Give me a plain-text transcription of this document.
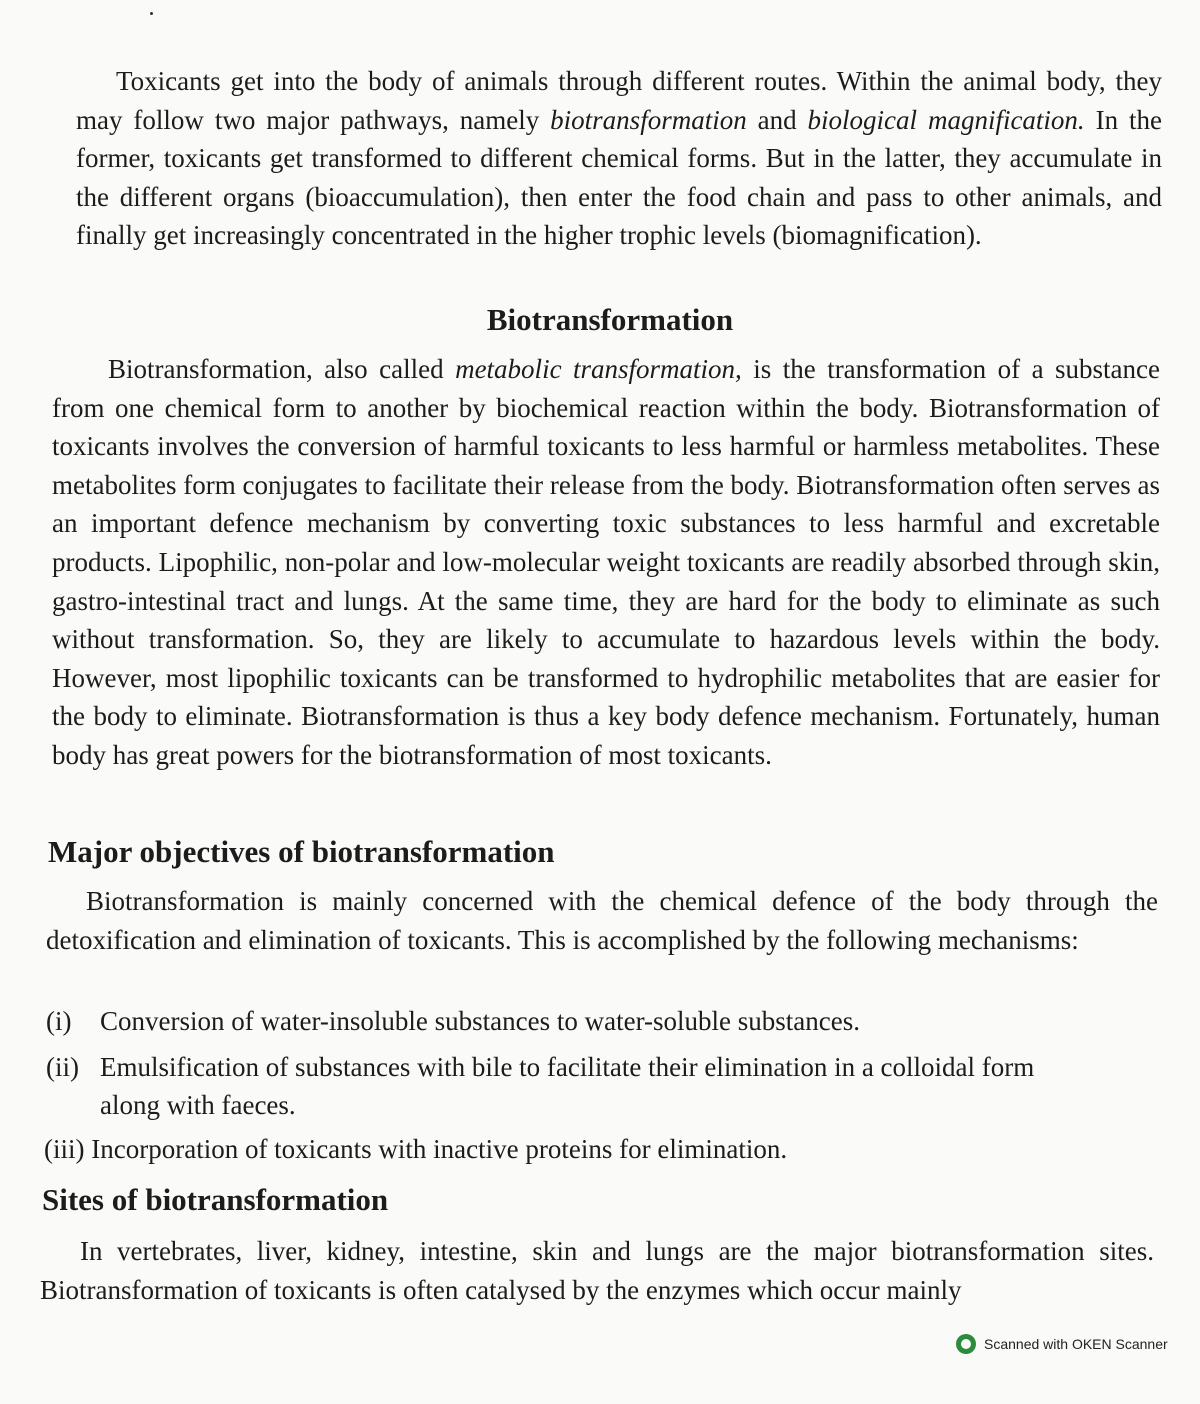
Toxicants get into the body of animals through different routes. Within the animal body, they may follow two major pathways, namely biotransformation and biological magnification. In the former, toxicants get transformed to different chemical forms. But in the latter, they accumulate in the different organs (bioaccumulation), then enter the food chain and pass to other animals, and finally get increasingly concentrated in the higher trophic levels (biomagnification).

Biotransformation

Biotransformation, also called metabolic transformation, is the transformation of a substance from one chemical form to another by biochemical reaction within the body. Biotransformation of toxicants involves the conversion of harmful toxicants to less harmful or harmless metabolites. These metabolites form conjugates to facilitate their release from the body. Biotransformation often serves as an important defence mechanism by converting toxic substances to less harmful and excretable products. Lipophilic, non-polar and low-molecular weight toxicants are readily absorbed through skin, gastro-intestinal tract and lungs. At the same time, they are hard for the body to eliminate as such without transformation. So, they are likely to accumulate to hazardous levels within the body. However, most lipophilic toxicants can be transformed to hydrophilic metabolites that are easier for the body to eliminate. Biotransformation is thus a key body defence mechanism. Fortunately, human body has great powers for the biotransformation of most toxicants.

Major objectives of biotransformation

Biotransformation is mainly concerned with the chemical defence of the body through the detoxification and elimination of toxicants. This is accomplished by the following mechanisms:

(i) Conversion of water-insoluble substances to water-soluble substances.
(ii) Emulsification of substances with bile to facilitate their elimination in a colloidal form
along with faeces.
(iii) Incorporation of toxicants with inactive proteins for elimination.
Sites of biotransformation

In vertebrates, liver, kidney, intestine, skin and lungs are the major biotransformation sites. Biotransformation of toxicants is often catalysed by the enzymes which occur mainly

Scanned with OKEN Scanner
